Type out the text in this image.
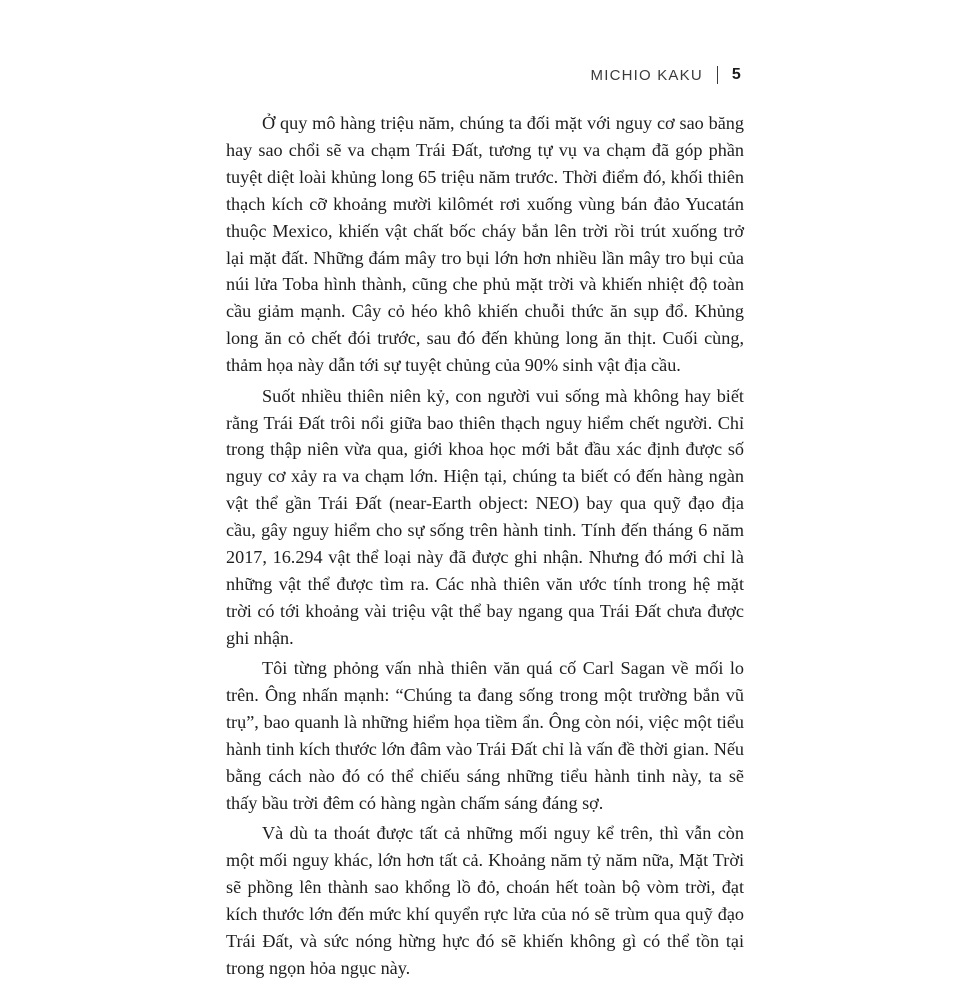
MICHIO KAKU 5

Ở quy mô hàng triệu năm, chúng ta đối mặt với nguy cơ sao băng hay sao chổi sẽ va chạm Trái Đất, tương tự vụ va chạm đã góp phần tuyệt diệt loài khủng long 65 triệu năm trước. Thời điểm đó, khối thiên thạch kích cỡ khoảng mười kilômét rơi xuống vùng bán đảo Yucatán thuộc Mexico, khiến vật chất bốc cháy bắn lên trời rồi trút xuống trở lại mặt đất. Những đám mây tro bụi lớn hơn nhiều lần mây tro bụi của núi lửa Toba hình thành, cũng che phủ mặt trời và khiến nhiệt độ toàn cầu giảm mạnh. Cây cỏ héo khô khiến chuỗi thức ăn sụp đổ. Khủng long ăn cỏ chết đói trước, sau đó đến khủng long ăn thịt. Cuối cùng, thảm họa này dẫn tới sự tuyệt chủng của 90% sinh vật địa cầu.

Suốt nhiều thiên niên kỷ, con người vui sống mà không hay biết rằng Trái Đất trôi nổi giữa bao thiên thạch nguy hiểm chết người. Chỉ trong thập niên vừa qua, giới khoa học mới bắt đầu xác định được số nguy cơ xảy ra va chạm lớn. Hiện tại, chúng ta biết có đến hàng ngàn vật thể gần Trái Đất (near-Earth object: NEO) bay qua quỹ đạo địa cầu, gây nguy hiểm cho sự sống trên hành tinh. Tính đến tháng 6 năm 2017, 16.294 vật thể loại này đã được ghi nhận. Nhưng đó mới chỉ là những vật thể được tìm ra. Các nhà thiên văn ước tính trong hệ mặt trời có tới khoảng vài triệu vật thể bay ngang qua Trái Đất chưa được ghi nhận.

Tôi từng phỏng vấn nhà thiên văn quá cố Carl Sagan về mối lo trên. Ông nhấn mạnh: “Chúng ta đang sống trong một trường bắn vũ trụ”, bao quanh là những hiểm họa tiềm ẩn. Ông còn nói, việc một tiểu hành tinh kích thước lớn đâm vào Trái Đất chỉ là vấn đề thời gian. Nếu bằng cách nào đó có thể chiếu sáng những tiểu hành tinh này, ta sẽ thấy bầu trời đêm có hàng ngàn chấm sáng đáng sợ.

Và dù ta thoát được tất cả những mối nguy kể trên, thì vẫn còn một mối nguy khác, lớn hơn tất cả. Khoảng năm tỷ năm nữa, Mặt Trời sẽ phồng lên thành sao khổng lồ đỏ, choán hết toàn bộ vòm trời, đạt kích thước lớn đến mức khí quyển rực lửa của nó sẽ trùm qua quỹ đạo Trái Đất, và sức nóng hừng hực đó sẽ khiến không gì có thể tồn tại trong ngọn hỏa ngục này.
